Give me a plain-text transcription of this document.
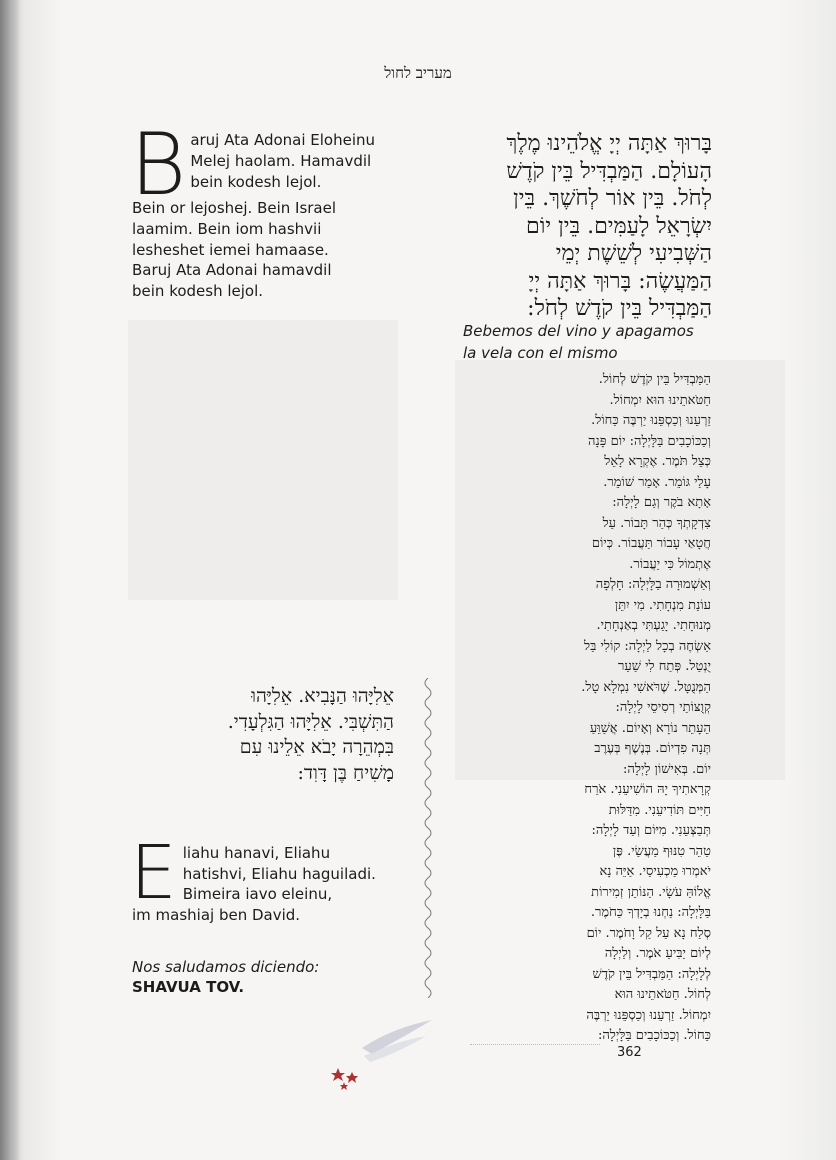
מעריב לחול
B aruj Ata Adonai Eloheinu

Melej haolam. Hamavdil

bein kodesh lejol.

Bein or lejoshej. Bein Israel

laamim. Bein iom hashvii

lesheshet iemei hamaase.

Baruj Ata Adonai hamavdil

bein kodesh lejol.

בָּרוּךְ אַתָּה יְיָ אֱלֹהֵינוּ מֶלֶךְ
הָעוֹלָם. הַמַּבְדִּיל בֵּין קֹדֶשׁ
לְחֹל. בֵּין אוֹר לְחֹשֶׁךְ. בֵּין
יִשְׂרָאֵל לָעַמִּים. בֵּין יוֹם
הַשְּׁבִיעִי לְשֵׁשֶׁת יְמֵי
הַמַּעֲשֶׂה: בָּרוּךְ אַתָּה יְיָ
הַמַּבְדִּיל בֵּין קֹדֶשׁ לְחֹל:
Bebemos del vino y apagamos
la vela con el mismo
הַמַּבְדִּיל בֵּין קֹדֶשׁ לְחוֹל.
חַטֹּאתֵינוּ הוּא יִמְחוֹל.
זַרְעֵנוּ וְכַסְפֵּנוּ יַרְבֶּה כַּחוֹל.
וְכַכּוֹכָבִים בַּלָּיְלָה: יוֹם פָּנָה
כְּצֵל תֹּמֶר. אֶקְרָא לָאֵל
עָלַי גּוֹמֵר. אָמַר שׁוֹמֵר.
אָתָא בֹקֶר וְגַם לָיְלָה:
צִדְקָתְךָ כְּהַר תָּבוֹר. עַל
חֲטָאַי עָבוֹר תַּעֲבוֹר. כְּיוֹם
אֶתְמוֹל כִּי יַעֲבוֹר.
וְאַשְׁמוּרָה בַלָּיְלָה: חָלְפָה
עוֹנַת מִנְחָתִי. מִי יִתֵּן
מְנוּחָתִי. יָגַעְתִּי בְאַנְחָתִי.
אַשְׂחֶה בְכָל לַיְלָה: קוֹלִי בַּל
יֻנְטַל. פְּתַח לִי שַׁעַר
הַמְּנֻטָּל. שֶׁרֹּאשִׁי נִמְלָא טָל.
קְוֻצּוֹתַי רְסִיסֵי לָיְלָה:
הֵעָתֵר נוֹרָא וְאָיוֹם. אֲשַׁוֵּעַ
תְּנָה פִדְיוֹם. בְּנֶשֶׁף בְּעֶרֶב
יוֹם. בְּאִישׁוֹן לָיְלָה:
קְרָאתִיךָ יָהּ הוֹשִׁיעֵנִי. אֹרַח
חַיִּים תּוֹדִיעֵנִי. מִדַּלּוּת
תְּבַצְּעֵנִי. מִיּוֹם וְעַד לָיְלָה:
טַהֵר טִנּוּף מַעֲשַׂי. פֶּן
יֹאמְרוּ מַכְעִיסַי. אַיֵּה נָא
אֱלוֹהַּ עֹשָׂי. הַנּוֹתֵן זְמִירוֹת
בַּלָּיְלָה: נַחְנוּ בְיָדְךָ כַּחֹמֶר.
סְלַח נָא עַל קַל וָחֹמֶר. יוֹם
לְיוֹם יַבִּיעַ אֹמֶר. וְלַיְלָה
לְלָיְלָה: הַמַּבְדִּיל בֵּין קֹדֶשׁ
לְחוֹל. חַטֹּאתֵינוּ הוּא
יִמְחוֹל. זַרְעֵנוּ וְכַסְפֵּנוּ יַרְבֶּה
כַּחוֹל. וְכַכּוֹכָבִים בַּלָּיְלָה:
אֵלִיָּהוּ הַנָּבִיא. אֵלִיָּהוּ
הַתִּשְׁבִּי. אֵלִיָּהוּ הַגִּלְעָדִי.
בִּמְהֵרָה יָבֹא אֵלֵינוּ עִם
מָשִׁיחַ בֶּן דָּוִד:
E liahu hanavi, Eliahu
hatishvi, Eliahu haguiladi.
Bimeira iavo eleinu,
im mashiaj ben David.
Nos saludamos diciendo:
SHAVUA TOV.
362
